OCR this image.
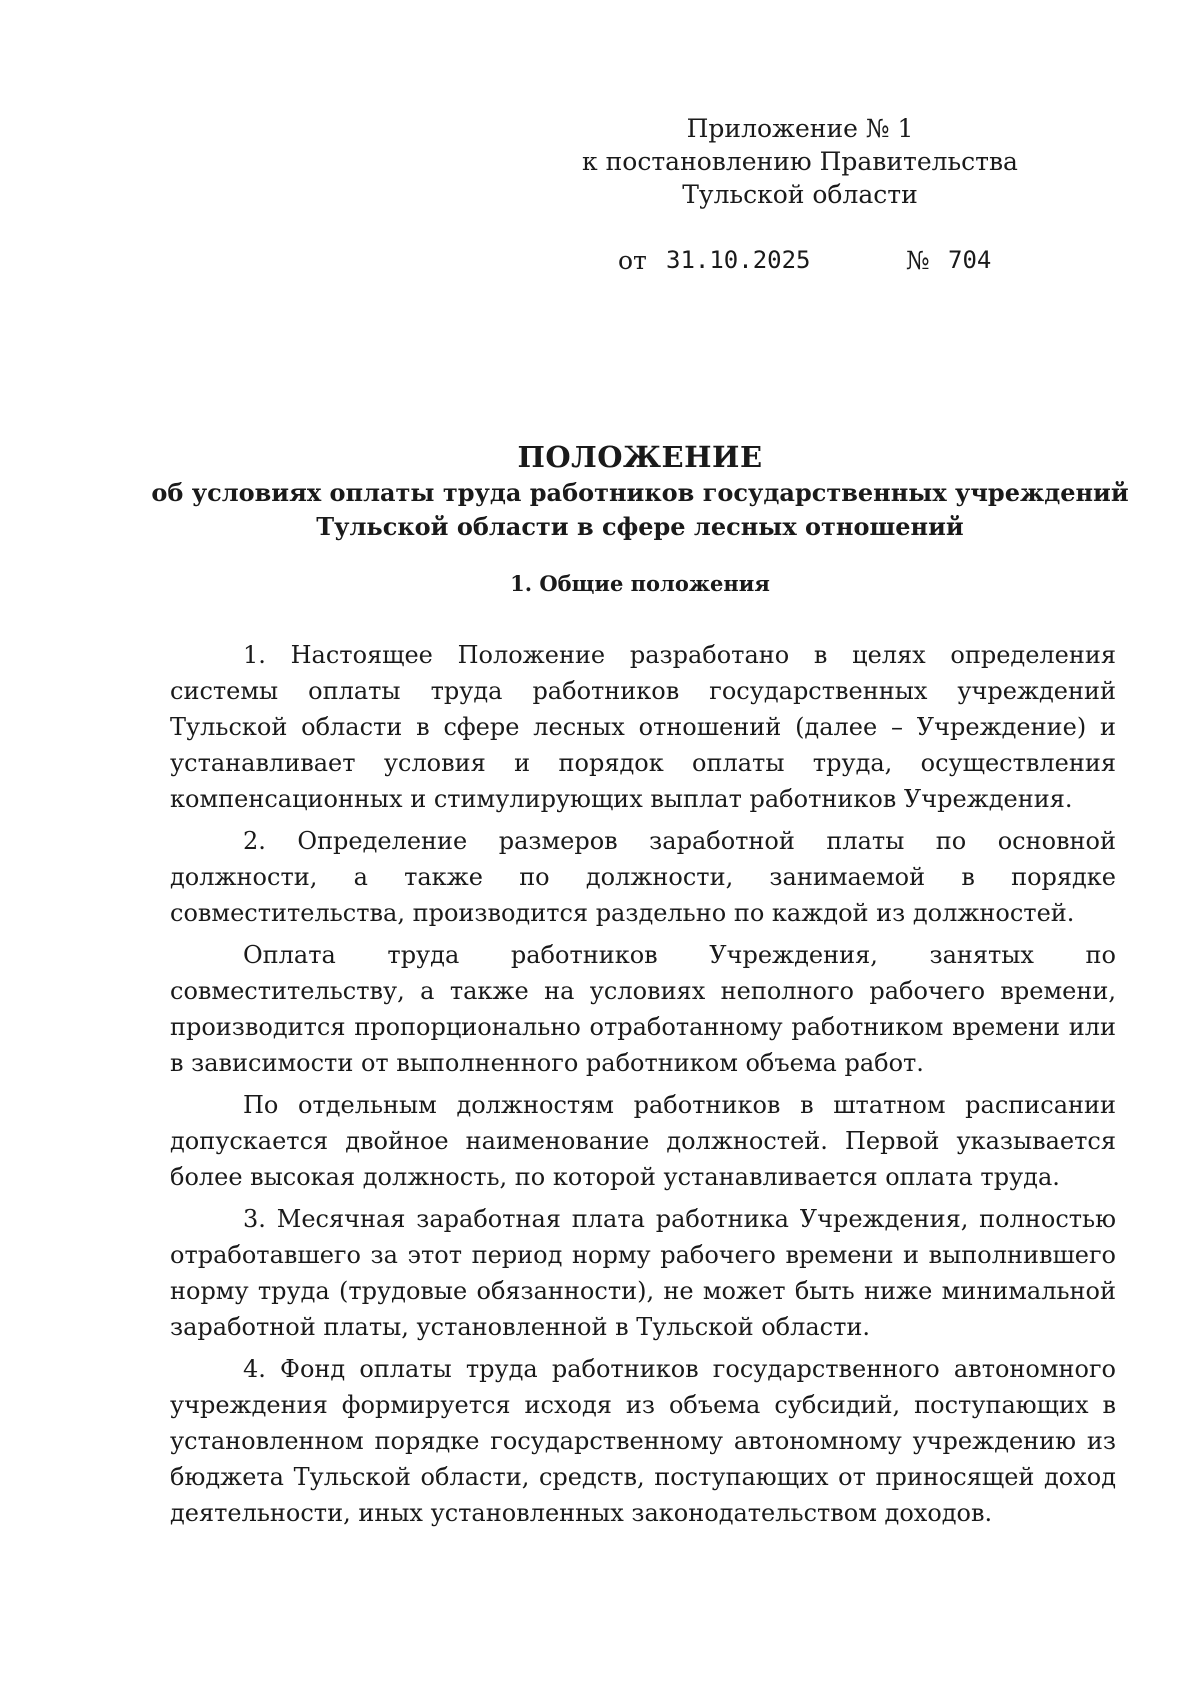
Приложение № 1
к постановлению Правительства
Тульской области
от 31.10.2025	№ 704
ПОЛОЖЕНИЕ
об условиях оплаты труда работников государственных учреждений
Тульской области в сфере лесных отношений
1. Общие положения

1. Настоящее Положение разработано в целях определения системы оплаты труда работников государственных учреждений Тульской области в сфере лесных отношений (далее – Учреждение) и устанавливает условия и порядок оплаты труда, осуществления компенсационных и стимулирующих выплат работников Учреждения.

2. Определение размеров заработной платы по основной должности, а также по должности, занимаемой в порядке совместительства, производится раздельно по каждой из должностей.

Оплата труда работников Учреждения, занятых по совместительству, а также на условиях неполного рабочего времени, производится пропорционально отработанному работником времени или в зависимости от выполненного работником объема работ.

По отдельным должностям работников в штатном расписании допускается двойное наименование должностей. Первой указывается более высокая должность, по которой устанавливается оплата труда.

3. Месячная заработная плата работника Учреждения, полностью отработавшего за этот период норму рабочего времени и выполнившего норму труда (трудовые обязанности), не может быть ниже минимальной заработной платы, установленной в Тульской области.

4. Фонд оплаты труда работников государственного автономного учреждения формируется исходя из объема субсидий, поступающих в установленном порядке государственному автономному учреждению из бюджета Тульской области, средств, поступающих от приносящей доход деятельности, иных установленных законодательством доходов.
